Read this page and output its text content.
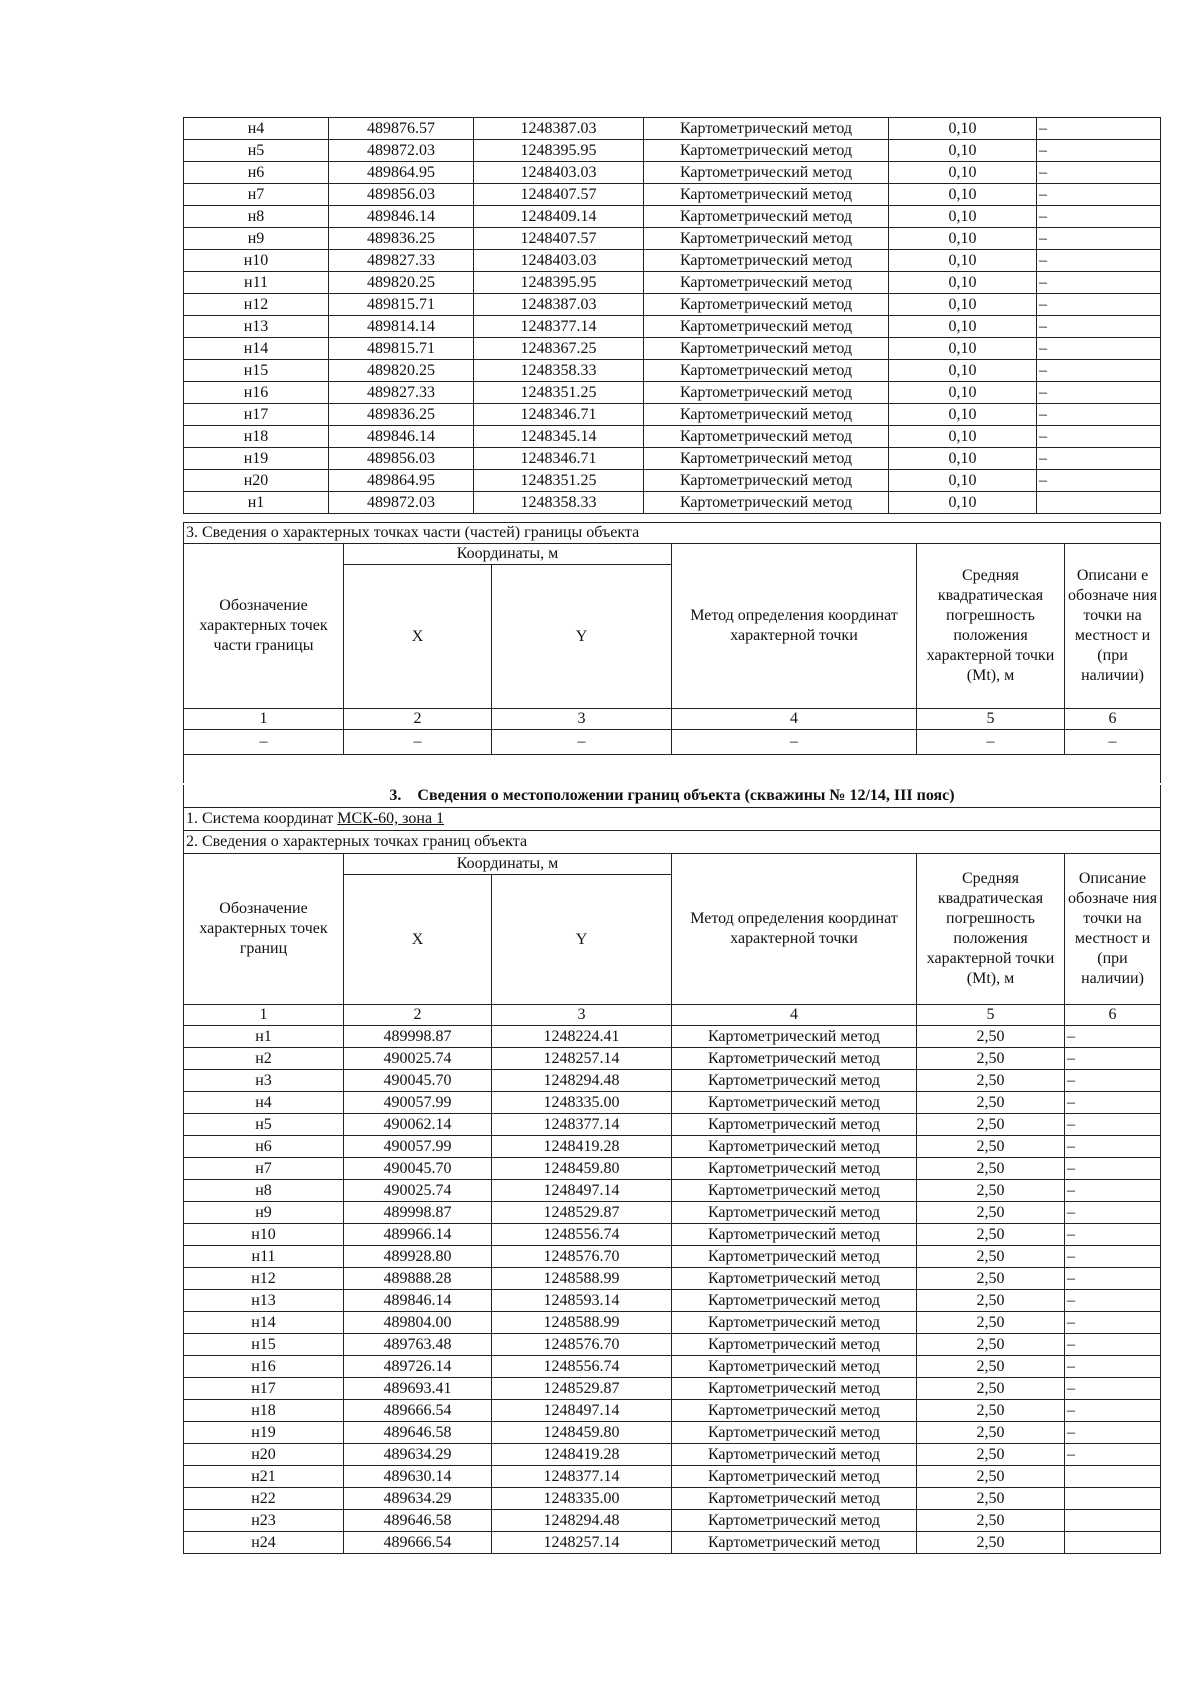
н4	489876.57	1248387.03	Картометрический метод	0,10	–
н5	489872.03	1248395.95	Картометрический метод	0,10	–
н6	489864.95	1248403.03	Картометрический метод	0,10	–
н7	489856.03	1248407.57	Картометрический метод	0,10	–
н8	489846.14	1248409.14	Картометрический метод	0,10	–
н9	489836.25	1248407.57	Картометрический метод	0,10	–
н10	489827.33	1248403.03	Картометрический метод	0,10	–
н11	489820.25	1248395.95	Картометрический метод	0,10	–
н12	489815.71	1248387.03	Картометрический метод	0,10	–
н13	489814.14	1248377.14	Картометрический метод	0,10	–
н14	489815.71	1248367.25	Картометрический метод	0,10	–
н15	489820.25	1248358.33	Картометрический метод	0,10	–
н16	489827.33	1248351.25	Картометрический метод	0,10	–
н17	489836.25	1248346.71	Картометрический метод	0,10	–
н18	489846.14	1248345.14	Картометрический метод	0,10	–
н19	489856.03	1248346.71	Картометрический метод	0,10	–
н20	489864.95	1248351.25	Картометрический метод	0,10	–
н1	489872.03	1248358.33	Картометрический метод	0,10	
3. Сведения о характерных точках части (частей) границы объекта					
Обозначение характерных точек части границы	Координаты, м		Метод определения координат характерной точки	Средняя квадратическая погрешность положения характерной точки (Mt), м	Описани е обозначе ния точки на местност и (при наличии)
	X	Y			
1	2	3	4	5	6
–	–	–	–	–	–

3. Сведения о местоположении границ объекта (скважины № 12/14, III пояс)					
1. Система координат МСК-60, зона 1					
2. Сведения о характерных точках границ объекта					
Обозначение характерных точек границ	Координаты, м		Метод определения координат характерной точки	Средняя квадратическая погрешность положения характерной точки (Mt), м	Описание обозначе ния точки на местност и (при наличии)
	X	Y			
1	2	3	4	5	6
н1	489998.87	1248224.41	Картометрический метод	2,50	–
н2	490025.74	1248257.14	Картометрический метод	2,50	–
н3	490045.70	1248294.48	Картометрический метод	2,50	–
н4	490057.99	1248335.00	Картометрический метод	2,50	–
н5	490062.14	1248377.14	Картометрический метод	2,50	–
н6	490057.99	1248419.28	Картометрический метод	2,50	–
н7	490045.70	1248459.80	Картометрический метод	2,50	–
н8	490025.74	1248497.14	Картометрический метод	2,50	–
н9	489998.87	1248529.87	Картометрический метод	2,50	–
н10	489966.14	1248556.74	Картометрический метод	2,50	–
н11	489928.80	1248576.70	Картометрический метод	2,50	–
н12	489888.28	1248588.99	Картометрический метод	2,50	–
н13	489846.14	1248593.14	Картометрический метод	2,50	–
н14	489804.00	1248588.99	Картометрический метод	2,50	–
н15	489763.48	1248576.70	Картометрический метод	2,50	–
н16	489726.14	1248556.74	Картометрический метод	2,50	–
н17	489693.41	1248529.87	Картометрический метод	2,50	–
н18	489666.54	1248497.14	Картометрический метод	2,50	–
н19	489646.58	1248459.80	Картометрический метод	2,50	–
н20	489634.29	1248419.28	Картометрический метод	2,50	–
н21	489630.14	1248377.14	Картометрический метод	2,50	
н22	489634.29	1248335.00	Картометрический метод	2,50	
н23	489646.58	1248294.48	Картометрический метод	2,50	
н24	489666.54	1248257.14	Картометрический метод	2,50	
